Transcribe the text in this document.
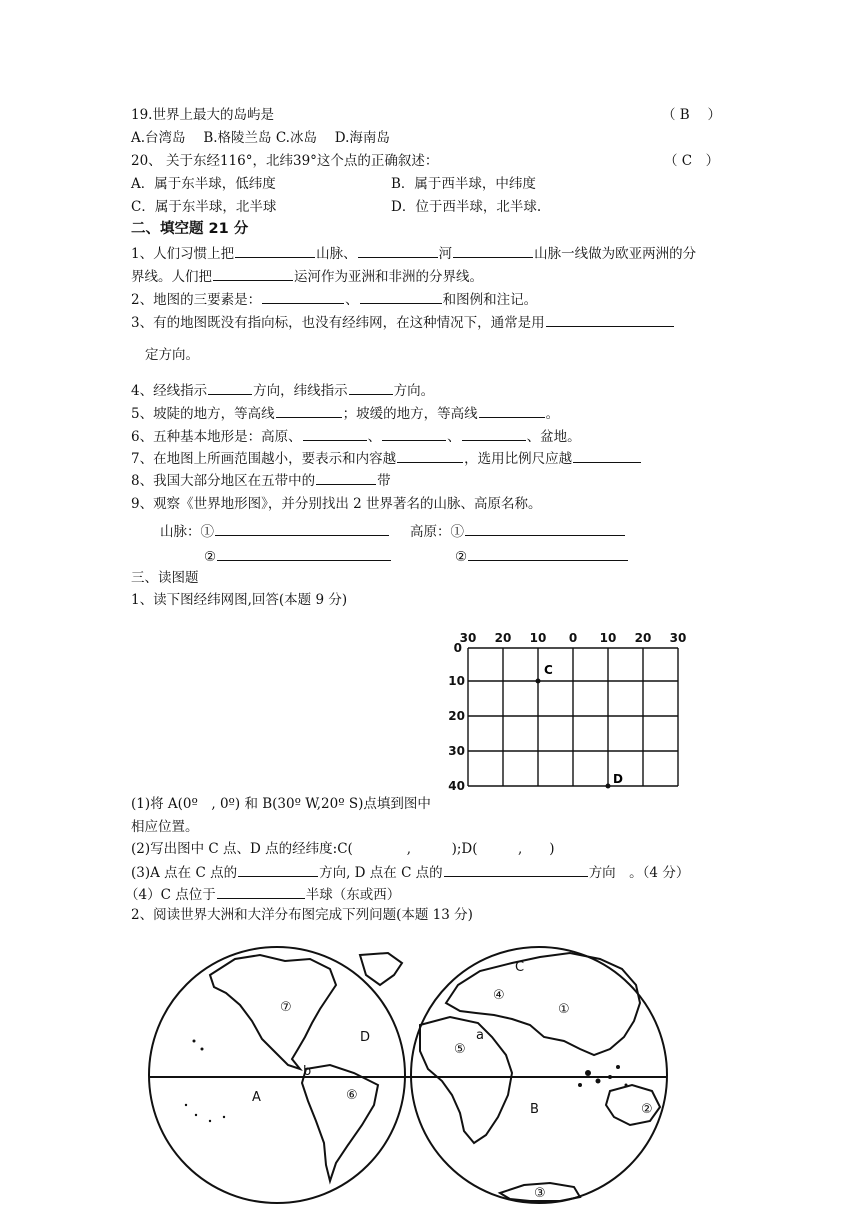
19.世界上最大的岛屿是	（ B　 ）
A.台湾岛　 B.格陵兰岛 C.冰岛　 D.海南岛
20、 关于东经116°，北纬39°这个点的正确叙述：	（ C　）
A．属于东半球，低纬度	B．属于西半球，中纬度
C．属于东半球，北半球	D．位于西半球，北半球.
二、填空题 21 分
1、人们习惯上把	山脉、	河	山脉一线做为欧亚两洲的分
界线。人们把	运河作为亚洲和非洲的分界线。
2、地图的三要素是：	、	和图例和注记。
3、有的地图既没有指向标，也没有经纬网，在这种情况下，通常是用
定方向。
4、经线指示	方向，纬线指示	方向。
5、坡陡的地方，等高线	；坡缓的地方，等高线	。
6、五种基本地形是：高原、	、	、	、盆地。
7、在地图上所画范围越小，要表示和内容越	，选用比例尺应越
8、我国大部分地区在五带中的	带
9、观察《世界地形图》，并分别找出 2 世界著名的山脉、高原名称。
山脉：①	高原：①
②	②
三、读图题
1、读下图经纬网图,回答(本题 9 分)
30 20 10 0 10 20 30
0
10
20
30
40
C
D
(1)将 A(0º　, 0º) 和 B(30º W,20º S)点填到图中
相应位置。
(2)写出图中 C 点、D 点的经纬度:C(　　　　,　　　);D(　　　,　　)
(3)A 点在 C 点的	方向, D 点在 C 点的	方向　。（4 分）
（4）C 点位于	半球（东或西）
2、阅读世界大洲和大洋分布图完成下列问题(本题 13 分)
⑦
D
b
A	⑥
C
④
①
a
⑤
B	②
③
